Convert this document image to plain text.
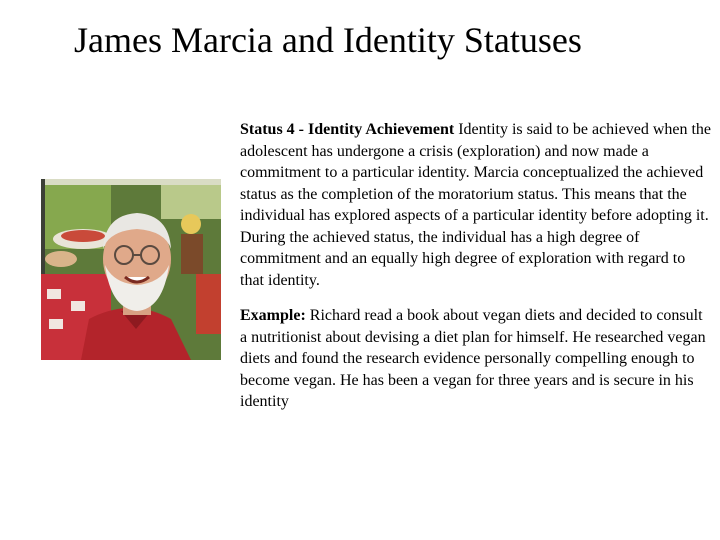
James Marcia and Identity Statuses

Status 4 - Identity Achievement Identity is said to be achieved when the adolescent has undergone a crisis (exploration) and now made a commitment to a particular identity. Marcia conceptualized the achieved status as the completion of the moratorium status. This means that the individual has explored aspects of a particular identity before adopting it. During the achieved status, the individual has a high degree of commitment and an equally high degree of exploration with regard to that identity.

Example: Richard read a book about vegan diets and decided to consult a nutritionist about devising a diet plan for himself. He researched vegan diets and found the research evidence personally compelling enough to become vegan. He has been a vegan for three years and is secure in his identity
